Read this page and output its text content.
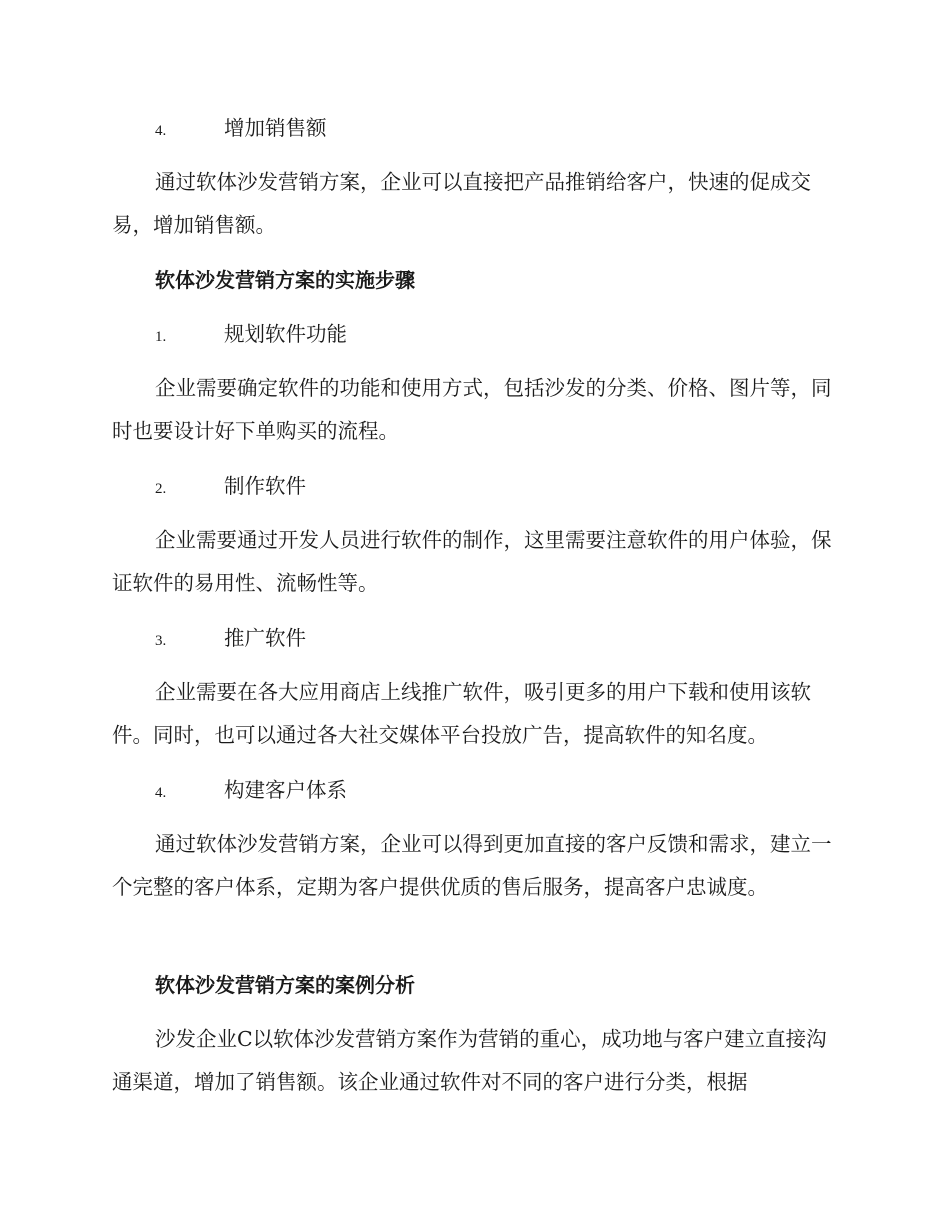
4.	增加销售额

通过软体沙发营销方案，企业可以直接把产品推销给客户，快速的促成交易，增加销售额。

软体沙发营销方案的实施步骤
1.	规划软件功能

企业需要确定软件的功能和使用方式，包括沙发的分类、价格、图片等，同时也要设计好下单购买的流程。

2.	制作软件

企业需要通过开发人员进行软件的制作，这里需要注意软件的用户体验，保证软件的易用性、流畅性等。

3.	推广软件

企业需要在各大应用商店上线推广软件，吸引更多的用户下载和使用该软件。同时，也可以通过各大社交媒体平台投放广告，提高软件的知名度。

4.	构建客户体系

通过软体沙发营销方案，企业可以得到更加直接的客户反馈和需求，建立一个完整的客户体系，定期为客户提供优质的售后服务，提高客户忠诚度。

软体沙发营销方案的案例分析

沙发企业C以软体沙发营销方案作为营销的重心，成功地与客户建立直接沟通渠道，增加了销售额。该企业通过软件对不同的客户进行分类，根据
